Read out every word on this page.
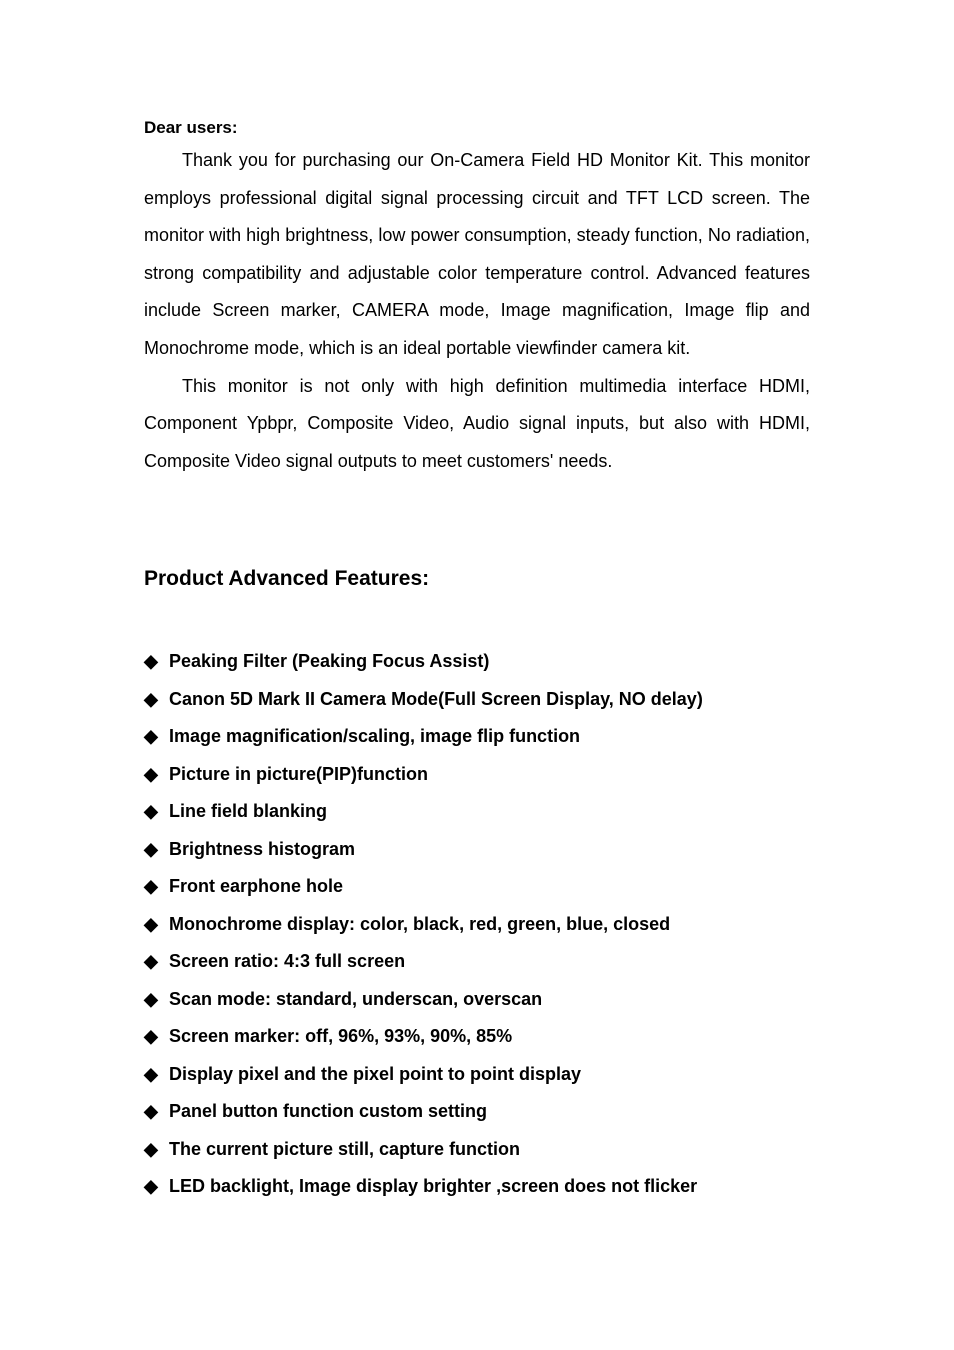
Dear users:

Thank you for purchasing our On-Camera Field HD Monitor Kit. This monitor employs professional digital signal processing circuit and TFT LCD screen. The monitor with high brightness, low power consumption, steady function, No radiation, strong compatibility and adjustable color temperature control. Advanced features include Screen marker, CAMERA mode, Image magnification, Image flip and Monochrome mode, which is an ideal portable viewfinder camera kit.

This monitor is not only with high definition multimedia interface HDMI, Component Ypbpr, Composite Video, Audio signal inputs, but also with HDMI, Composite Video signal outputs to meet customers' needs.

Product Advanced Features:
◆ Peaking Filter (Peaking Focus Assist)
◆ Canon 5D Mark II Camera Mode(Full Screen Display, NO delay)
◆ Image magnification/scaling, image flip function
◆ Picture in picture(PIP)function
◆ Line field blanking
◆ Brightness histogram
◆ Front earphone hole
◆ Monochrome display: color, black, red, green, blue, closed
◆ Screen ratio: 4:3 full screen
◆ Scan mode: standard, underscan, overscan
◆ Screen marker: off, 96%, 93%, 90%, 85%
◆ Display pixel and the pixel point to point display
◆ Panel button function custom setting
◆ The current picture still, capture function
◆ LED backlight, Image display brighter ,screen does not flicker
